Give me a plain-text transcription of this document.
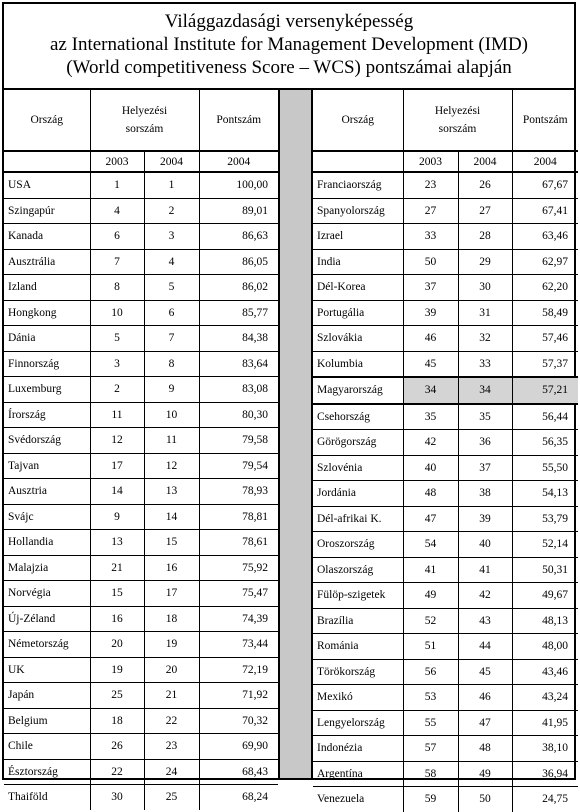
Világgazdasági versenyképesség
az International Institute for Management Development (IMD)
(World competitiveness Score – WCS) pontszámai alapján
Ország	Helyezési sorszám		Pontszám
	2003	2004	2004
USA	1	1	100,00
Szingapúr	4	2	89,01
Kanada	6	3	86,63
Ausztrália	7	4	86,05
Izland	8	5	86,02
Hongkong	10	6	85,77
Dánia	5	7	84,38
Finnország	3	8	83,64
Luxemburg	2	9	83,08
Írország	11	10	80,30
Svédország	12	11	79,58
Tajvan	17	12	79,54
Ausztria	14	13	78,93
Svájc	9	14	78,81
Hollandia	13	15	78,61
Malajzia	21	16	75,92
Norvégia	15	17	75,47
Új-Zéland	16	18	74,39
Németország	20	19	73,44
UK	19	20	72,19
Japán	25	21	71,92
Belgium	18	22	70,32
Chile	26	23	69,90
Észtország	22	24	68,43
Thaiföld	30	25	68,24
Ország	Helyezési sorszám		Pontszám
	2003	2004	2004
Franciaország	23	26	67,67
Spanyolország	27	27	67,41
Izrael	33	28	63,46
India	50	29	62,97
Dél-Korea	37	30	62,20
Portugália	39	31	58,49
Szlovákia	46	32	57,46
Kolumbia	45	33	57,37
Magyarország	34	34	57,21
Csehország	35	35	56,44
Görögország	42	36	56,35
Szlovénia	40	37	55,50
Jordánia	48	38	54,13
Dél-afrikai K.	47	39	53,79
Oroszország	54	40	52,14
Olaszország	41	41	50,31
Fülöp-szigetek	49	42	49,67
Brazília	52	43	48,13
Románia	51	44	48,00
Törökország	56	45	43,46
Mexikó	53	46	43,24
Lengyelország	55	47	41,95
Indonézia	57	48	38,10
Argentína	58	49	36,94
Venezuela	59	50	24,75
